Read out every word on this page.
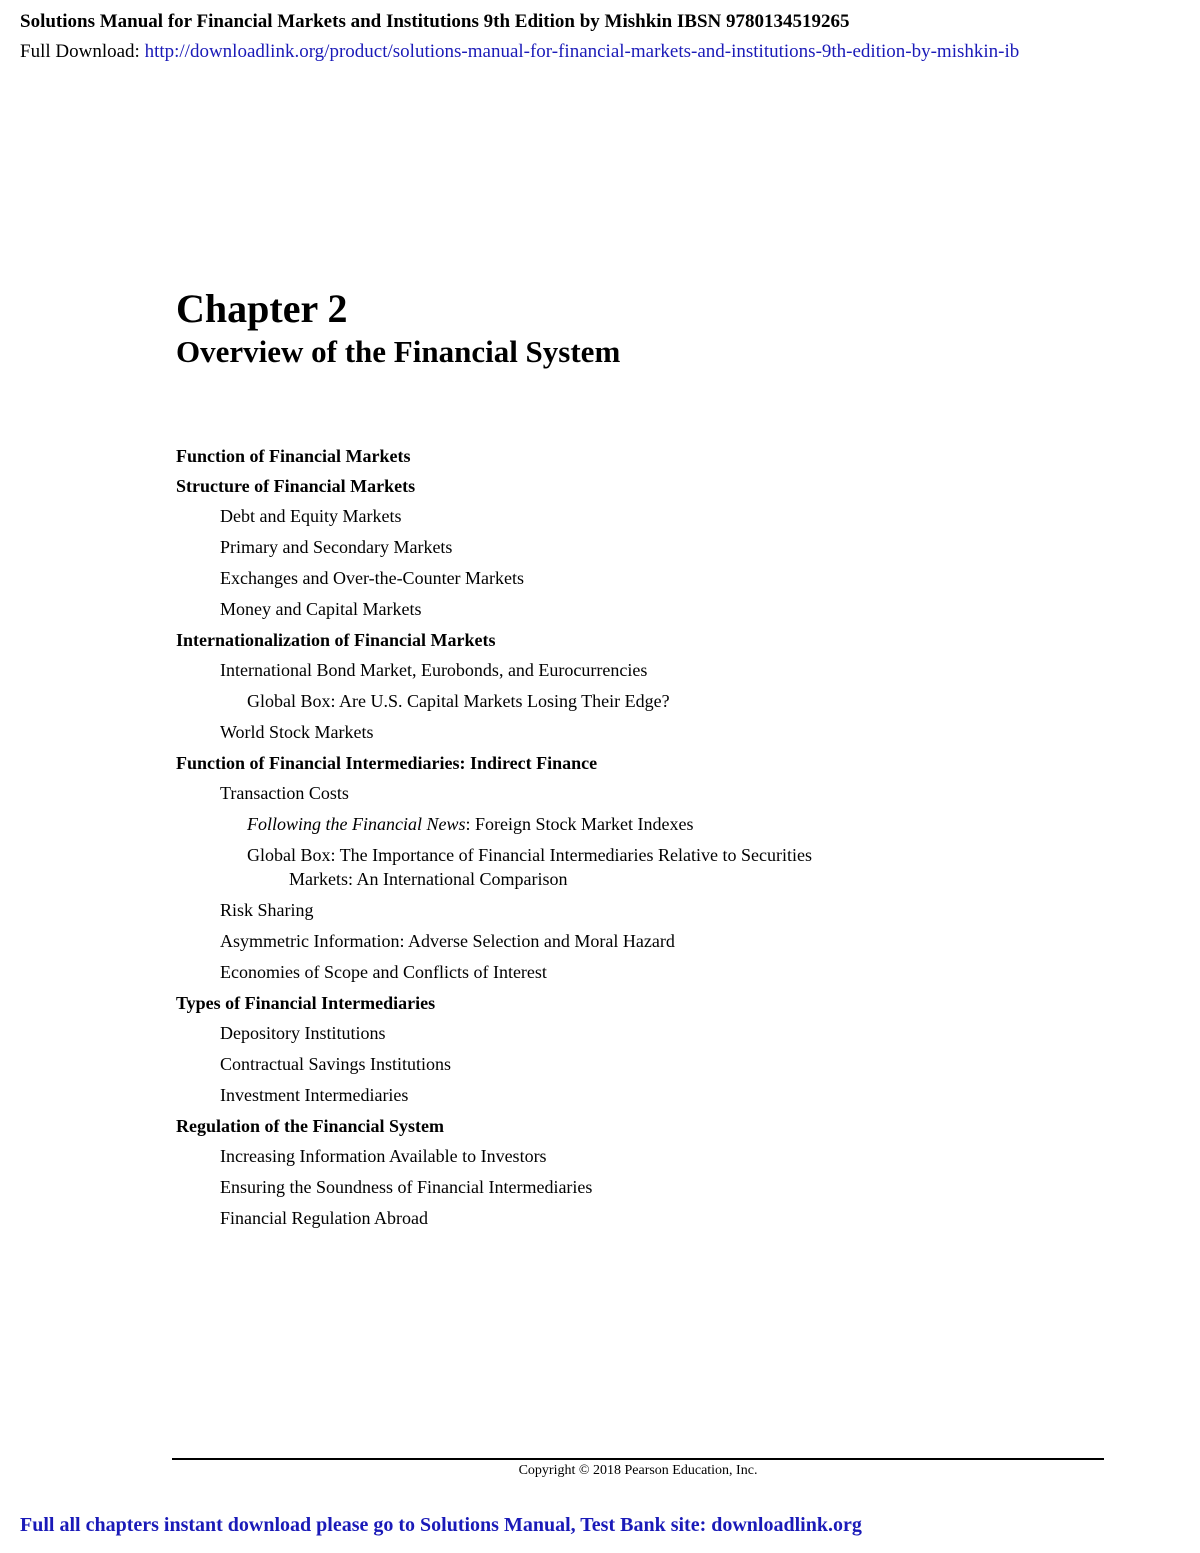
Solutions Manual for Financial Markets and Institutions 9th Edition by Mishkin IBSN 9780134519265
Full Download: http://downloadlink.org/product/solutions-manual-for-financial-markets-and-institutions-9th-edition-by-mishkin-ib
Chapter 2
Overview of the Financial System
Function of Financial Markets
Structure of Financial Markets
Debt and Equity Markets
Primary and Secondary Markets
Exchanges and Over-the-Counter Markets
Money and Capital Markets
Internationalization of Financial Markets
International Bond Market, Eurobonds, and Eurocurrencies
Global Box: Are U.S. Capital Markets Losing Their Edge?
World Stock Markets
Function of Financial Intermediaries: Indirect Finance
Transaction Costs
Following the Financial News: Foreign Stock Market Indexes
Global Box: The Importance of Financial Intermediaries Relative to Securities
Markets: An International Comparison
Risk Sharing
Asymmetric Information: Adverse Selection and Moral Hazard
Economies of Scope and Conflicts of Interest
Types of Financial Intermediaries
Depository Institutions
Contractual Savings Institutions
Investment Intermediaries
Regulation of the Financial System
Increasing Information Available to Investors
Ensuring the Soundness of Financial Intermediaries
Financial Regulation Abroad
Copyright © 2018 Pearson Education, Inc.
Full all chapters instant download please go to Solutions Manual, Test Bank site: downloadlink.org
